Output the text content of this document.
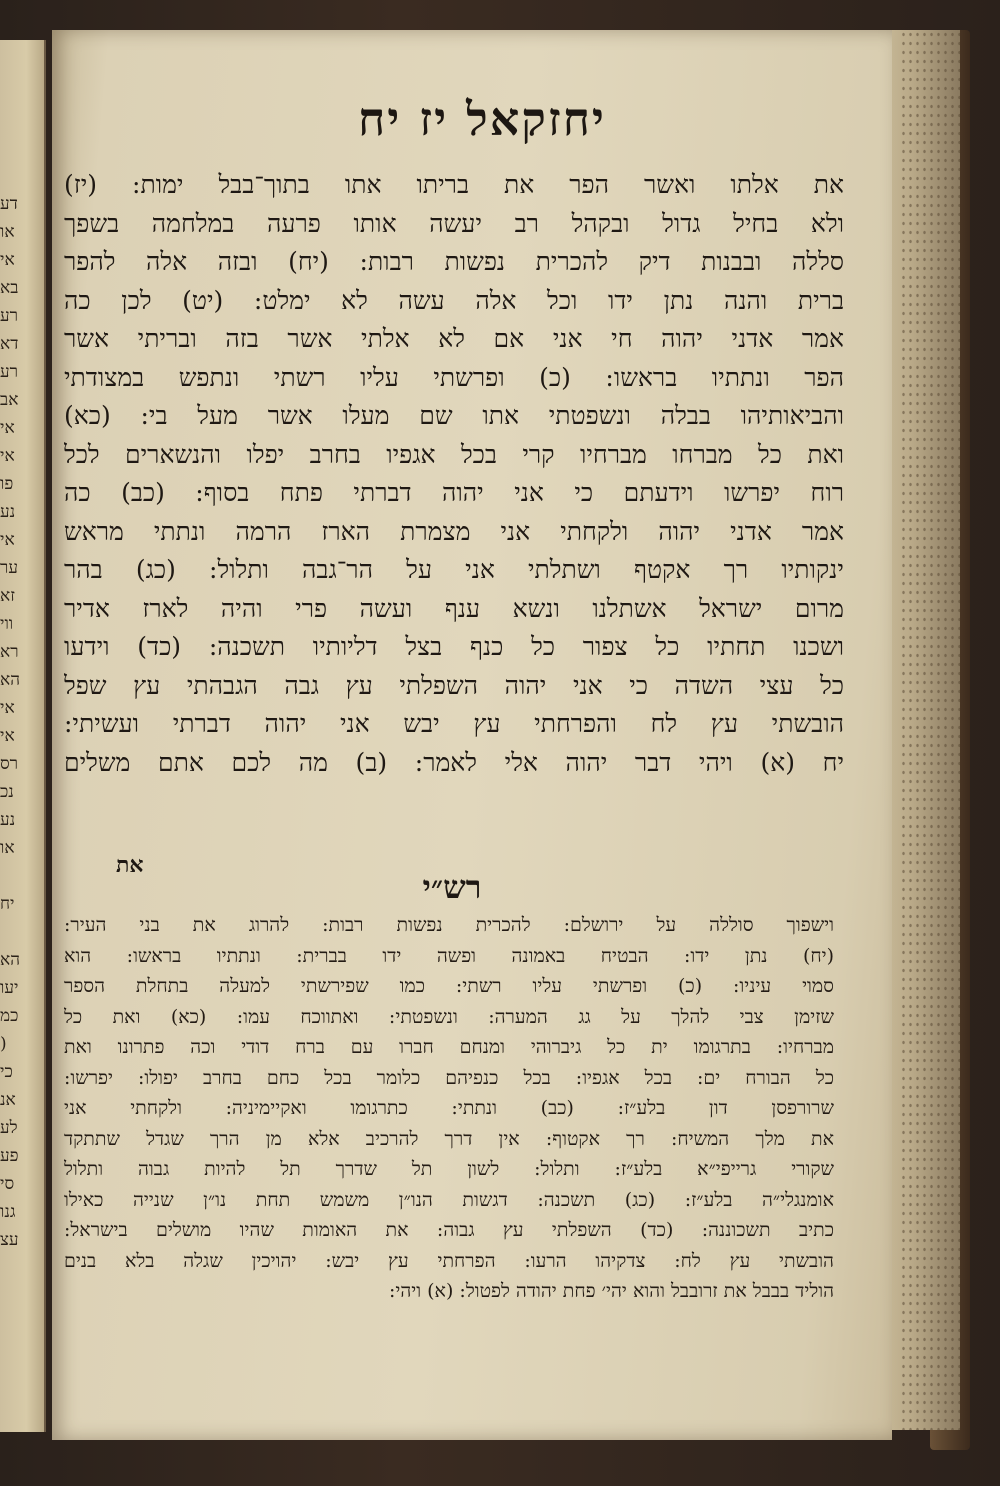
דע
או
אי
בא
רע
דא
רע
אב
אי
אי
פו
נע
אי
ער
זא
ווי
רא
הא
אי
אי
רס
נכ
נע
או

יח

הא
יעו
כמ
(
כי
אנ
לע
פע
סי
גנו
עצ
יחזקאל יז יח
את אלתו ואשר הפר את בריתו אתו בתוך־בבל ימות: (יז)
ולא בחיל גדול ובקהל רב יעשה אותו פרעה במלחמה בשפך
סללה ובבנות דיק להכרית נפשות רבות: (יח) ובזה אלה להפר
ברית והנה נתן ידו וכל אלה עשה לא ימלט: (יט) לכן כה
אמר אדני יהוה חי אני אם לא אלתי אשר בזה ובריתי אשר
הפר ונתתיו בראשו: (כ) ופרשתי עליו רשתי ונתפש במצודתי
והביאותיהו בבלה ונשפטתי אתו שם מעלו אשר מעל בי: (כא)
ואת כל מברחו מברחיו קרי בכל אגפיו בחרב יפלו והנשארים לכל
רוח יפרשו וידעתם כי אני יהוה דברתי פתח בסוף: (כב) כה
אמר אדני יהוה ולקחתי אני מצמרת הארז הרמה ונתתי מראש
ינקותיו רך אקטף ושתלתי אני על הר־גבה ותלול: (כג) בהר
מרום ישראל אשתלנו ונשא ענף ועשה פרי והיה לארז אדיר
ושכנו תחתיו כל צפור כל כנף בצל דליותיו תשכנה: (כד) וידעו
כל עצי השדה כי אני יהוה השפלתי עץ גבה הגבהתי עץ שפל
הובשתי עץ לח והפרחתי עץ יבש אני יהוה דברתי ועשיתי:
יח (א) ויהי דבר יהוה אלי לאמר: (ב) מה לכם אתם משלים
את
רש״י
וישפוך סוללה על ירושלם: להכרית נפשות רבות: להרוג את בני העיר:
(יח) נתן ידו: הבטיח באמונה ופשה ידו בברית: ונתתיו בראשו: הוא
סמוי עיניו: (כ) ופרשתי עליו רשתי: כמו שפירשתי למעלה בתחלת הספר
שזימן צבי להלך על גג המערה: ונשפטתי: ואתווכח עמו: (כא) ואת כל
מברחיו: בתרגומו ית כל גיברוהי ומנחם חברו עם ברח דודי וכה פתרונו ואת
כל הבורח ים: בכל אגפיו: בכל כנפיהם כלומר בכל כחם בחרב יפולו: יפרשו:
שרורפסן דון בלע״ז: (כב) ונתתי: כתרגומו ואקיימיניה: ולקחתי אני
את מלך המשיח: רך אקטוף: אין דרך להרכיב אלא מן הרך שגדל שתתקד
שקורי גרייפי״א בלע״ז: ותלול: לשון תל שדרך תל להיות גבוה ותלול
אומנגלי״ה בלע״ז: (כג) תשכנה: דגשות הנו״ן משמש תחת נו״ן שנייה כאילו
כתיב תשכוננה: (כד) השפלתי עץ גבוה: את האומות שהיו מושלים בישראל:
הובשתי עץ לח: צדקיהו הרעו: הפרחתי עץ יבש: יהויכין שגלה בלא בנים
הוליד בבבל את זרובבל והוא יהי׳ פחת יהודה לפטול: (א) ויהי:
